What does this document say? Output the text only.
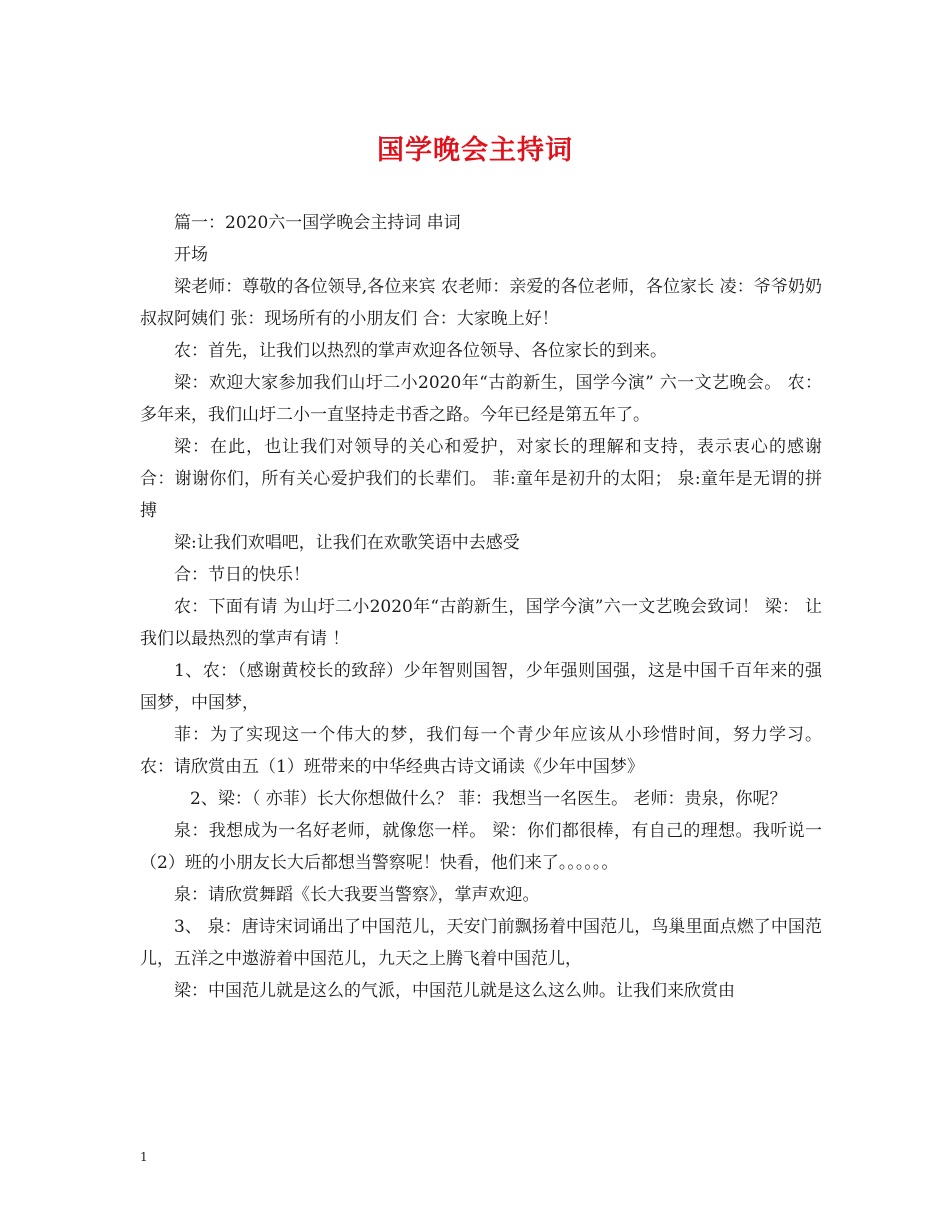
国学晚会主持词

篇一：2020六一国学晚会主持词 串词

开场

梁老师：尊敬的各位领导,各位来宾 农老师：亲爱的各位老师，各位家长 凌：爷爷奶奶叔叔阿姨们 张：现场所有的小朋友们 合：大家晚上好！

农：首先，让我们以热烈的掌声欢迎各位领导、各位家长的到来。

梁：欢迎大家参加我们山圩二小2020年“古韵新生，国学今演” 六一文艺晚会。 农：多年来，我们山圩二小一直坚持走书香之路。今年已经是第五年了。

梁：在此，也让我们对领导的关心和爱护，对家长的理解和支持，表示衷心的感谢 合：谢谢你们，所有关心爱护我们的长辈们。 菲:童年是初升的太阳； 泉:童年是无谓的拼搏

梁:让我们欢唱吧，让我们在欢歌笑语中去感受

合：节日的快乐！

农：下面有请 为山圩二小2020年“古韵新生，国学今演”六一文艺晚会致词！ 梁： 让我们以最热烈的掌声有请 ！

1、农：（感谢黄校长的致辞）少年智则国智，少年强则国强，这是中国千百年来的强国梦，中国梦，

菲：为了实现这一个伟大的梦，我们每一个青少年应该从小珍惜时间，努力学习。 农：请欣赏由五（1）班带来的中华经典古诗文诵读《少年中国梦》

2、梁：（ 亦菲）长大你想做什么？ 菲：我想当一名医生。 老师：贵泉，你呢？

泉：我想成为一名好老师，就像您一样。 梁：你们都很棒，有自己的理想。我听说一（2）班的小朋友长大后都想当警察呢！快看，他们来了。。。。。。

泉：请欣赏舞蹈《长大我要当警察》，掌声欢迎。

3、 泉：唐诗宋词诵出了中国范儿，天安门前飘扬着中国范儿，鸟巢里面点燃了中国范儿，五洋之中遨游着中国范儿，九天之上腾飞着中国范儿，

梁：中国范儿就是这么的气派，中国范儿就是这么这么帅。让我们来欣赏由

1
